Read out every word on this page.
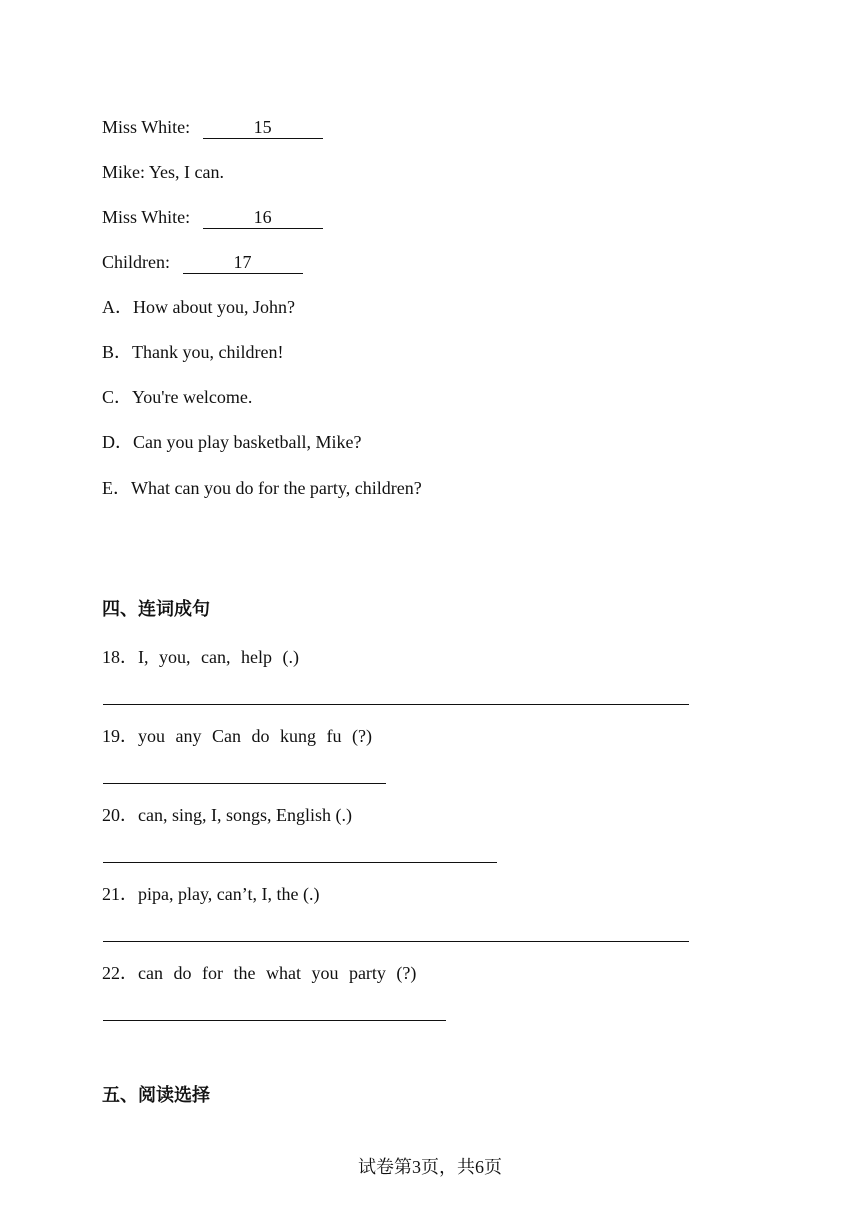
Miss White:	15
Mike: Yes, I can.
Miss White:	16
Children:	17
A．How about you, John?
B．Thank you, children!
C．You're welcome.
D．Can you play basketball, Mike?
E．What can you do for the party, children?
四、连词成句
18．I, you, can, help (.)
19．you any Can do kung fu (?)
20．can, sing, I, songs, English (.)
21．pipa, play, can’t, I, the (.)
22．can do for the what you party (?)
五、阅读选择
试卷第3页，共6页
